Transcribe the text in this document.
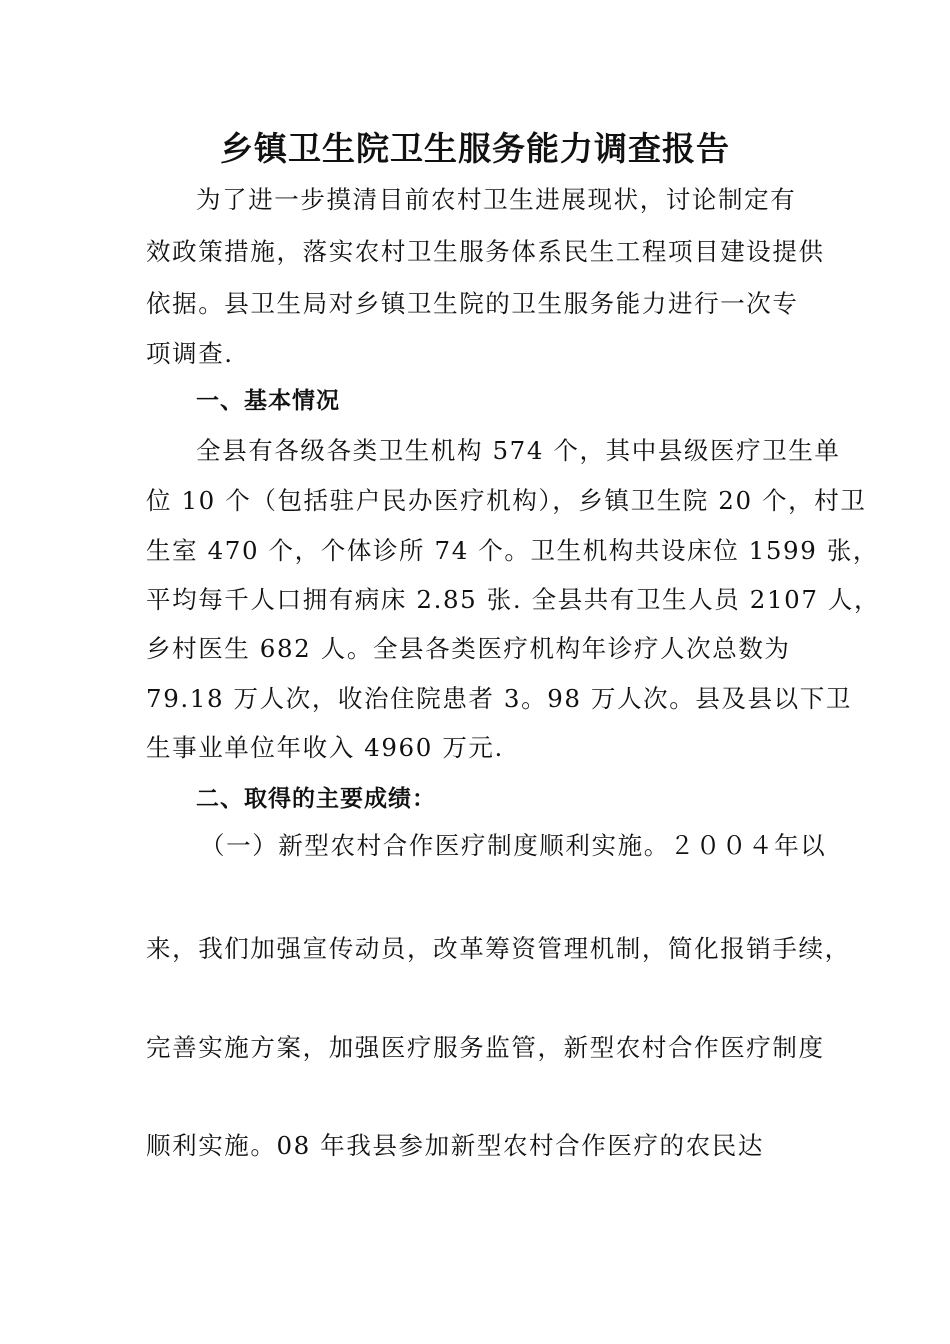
乡镇卫生院卫生服务能力调查报告

为了进一步摸清目前农村卫生进展现状，讨论制定有

效政策措施，落实农村卫生服务体系民生工程项目建设提供

依据。县卫生局对乡镇卫生院的卫生服务能力进行一次专

项调查.

一、基本情况

全县有各级各类卫生机构 574 个，其中县级医疗卫生单

位 10 个（包括驻户民办医疗机构），乡镇卫生院 20 个，村卫

生室 470 个，个体诊所 74 个。卫生机构共设床位 1599 张，

平均每千人口拥有病床 2.85 张. 全县共有卫生人员 2107 人，

乡村医生 682 人。全县各类医疗机构年诊疗人次总数为

79.18 万人次，收治住院患者 3。98 万人次。县及县以下卫

生事业单位年收入 4960 万元.

二、取得的主要成绩：

（一）新型农村合作医疗制度顺利实施。２００４年以

来，我们加强宣传动员，改革筹资管理机制，简化报销手续，

完善实施方案，加强医疗服务监管，新型农村合作医疗制度

顺利实施。08 年我县参加新型农村合作医疗的农民达
